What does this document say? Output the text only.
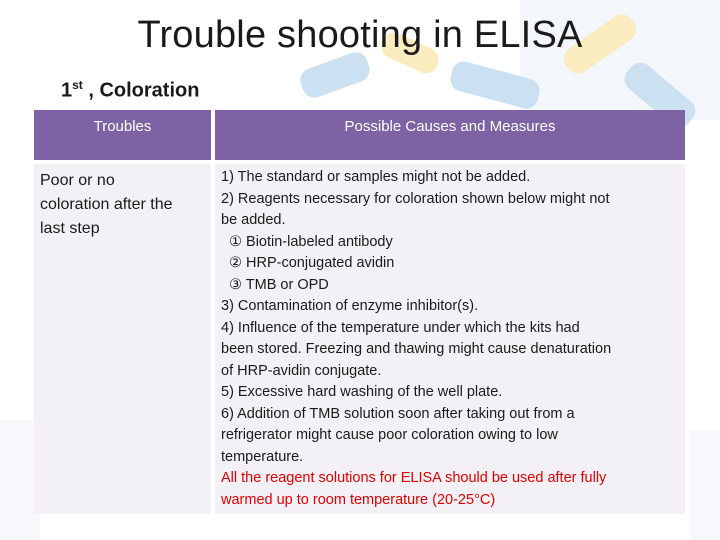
Trouble shooting in ELISA
1st , Coloration
Troubles	Possible Causes and Measures
Poor or no
coloration after the
last step
1) The standard or samples might not be added.
2) Reagents necessary for coloration shown below might not
be added.
① Biotin-labeled antibody
② HRP-conjugated avidin
③ TMB or OPD
3) Contamination of enzyme inhibitor(s).
4) Influence of the temperature under which the kits had
been stored. Freezing and thawing might cause denaturation
of HRP-avidin conjugate.
5) Excessive hard washing of the well plate.
6) Addition of TMB solution soon after taking out from a
refrigerator might cause poor coloration owing to low
temperature.
All the reagent solutions for ELISA should be used after fully
warmed up to room temperature (20-25°C)
